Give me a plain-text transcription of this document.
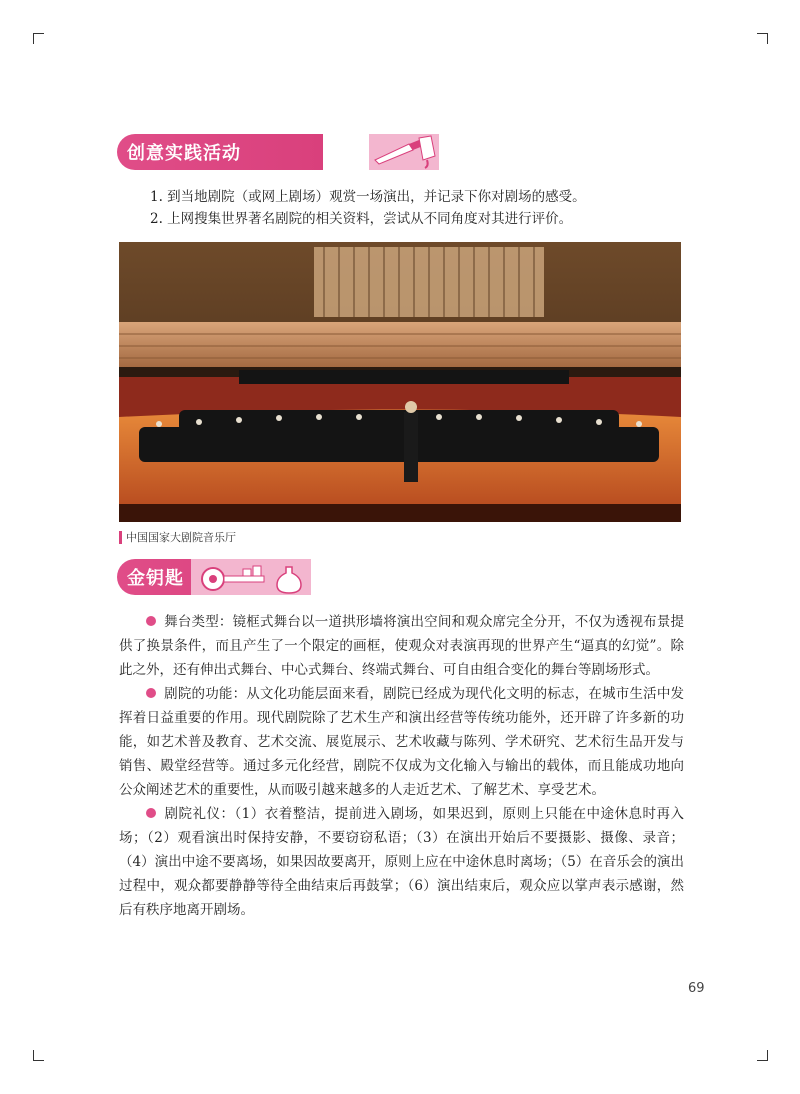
创意实践活动
1. 到当地剧院（或网上剧场）观赏一场演出，并记录下你对剧场的感受。
2. 上网搜集世界著名剧院的相关资料，尝试从不同角度对其进行评价。
中国国家大剧院音乐厅
金钥匙

舞台类型：镜框式舞台以一道拱形墙将演出空间和观众席完全分开，不仅为透视布景提供了换景条件，而且产生了一个限定的画框，使观众对表演再现的世界产生“逼真的幻觉”。除此之外，还有伸出式舞台、中心式舞台、终端式舞台、可自由组合变化的舞台等剧场形式。

剧院的功能：从文化功能层面来看，剧院已经成为现代化文明的标志，在城市生活中发挥着日益重要的作用。现代剧院除了艺术生产和演出经营等传统功能外，还开辟了许多新的功能，如艺术普及教育、艺术交流、展览展示、艺术收藏与陈列、学术研究、艺术衍生品开发与销售、殿堂经营等。通过多元化经营，剧院不仅成为文化输入与输出的载体，而且能成功地向公众阐述艺术的重要性，从而吸引越来越多的人走近艺术、了解艺术、享受艺术。

剧院礼仪：（1）衣着整洁，提前进入剧场，如果迟到，原则上只能在中途休息时再入场；（2）观看演出时保持安静，不要窃窃私语；（3）在演出开始后不要摄影、摄像、录音；（4）演出中途不要离场，如果因故要离开，原则上应在中途休息时离场；（5）在音乐会的演出过程中，观众都要静静等待全曲结束后再鼓掌；（6）演出结束后，观众应以掌声表示感谢，然后有秩序地离开剧场。

69
